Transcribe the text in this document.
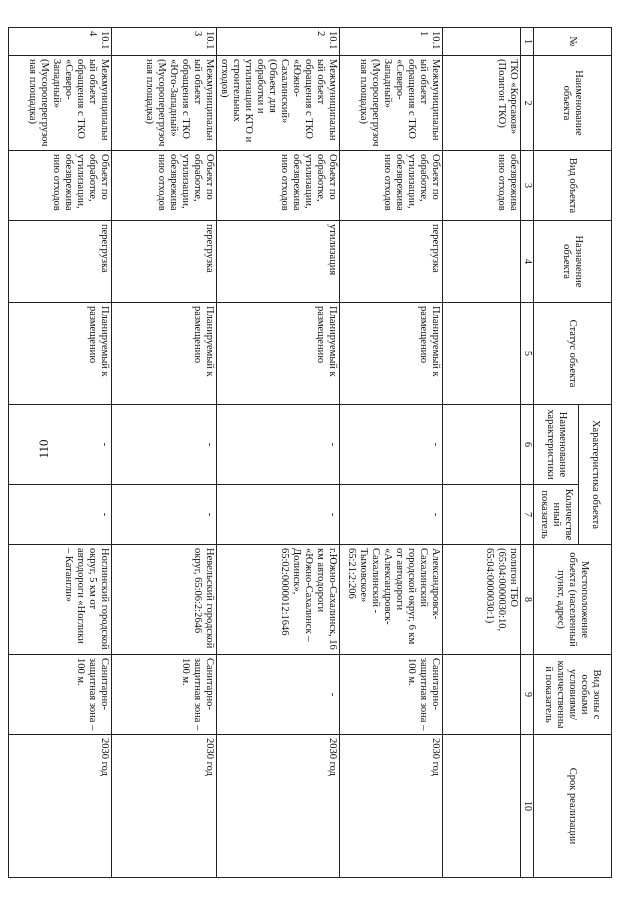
110
№	Наименование объекта	Вид объекта	Назначение объекта	Статус объекта	Характеристика объекта		Местоположение объекта (населенный пункт, адрес)	Вид зоны с особыми условиями/ количественный показатель	Срок реализации
					Наименование характеристики	Количественный показатель			
1	2	3	4	5	6	7	8	9	10
	ТКО «Корсаков» (Полигон ТКО)	обезврежива нию отходов					полигон ТБО (65:04:0000030:10, 65:04:0000030:1)		
10.11	Межмуниципальный объект обращения с ТКО «Северо-Западный» (Мусороперегрузочная площадка)	Объект по обработке, утилизации, обезврежива нию отходов	перегрузка	Планируемый к размещению	-	-	Александровск-Сахалинский городской округ, 6 км от автодороги «Александровск-Сахалинский - Тымовское» 65:21:2:206	Санитарно-защитная зона – 100 м.	2030 год
10.12	Межмуниципальный объект обращения с ТКО «Южно-Сахалинский» (Объект для обработки и утилизации КГО и строительных отходов)	Объект по обработке, утилизации, обезврежива нию отходов	утилизация	Планируемый к размещению	-	-	г.Южно-Сахалинск, 16 км автодороги «Южно-Сахалинск – Долинск», 65:02:0000012:1646	-	2030 год
10.13	Межмуниципальный объект обращения с ТКО «Юго-Западный» (Мусороперегрузочная площадка)	Объект по обработке, утилизации, обезврежива нию отходов	перегрузка	Планируемый к размещению	-	-	Невельский городской округ, 65:06:2:2646	Санитарно-защитная зона – 100 м.	2030 год
10.14	Межмуниципальный объект обращения с ТКО «Северо-Западный» (Мусороперегрузочная площадка)	Объект по обработке, утилизации, обезврежива нию отходов	перегрузка	Планируемый к размещению	-	-	Ноглинский городской округ, 5 км от автодороги «Ноглики – Катангли»	Санитарно-защитная зона – 100 м.	2030 год
